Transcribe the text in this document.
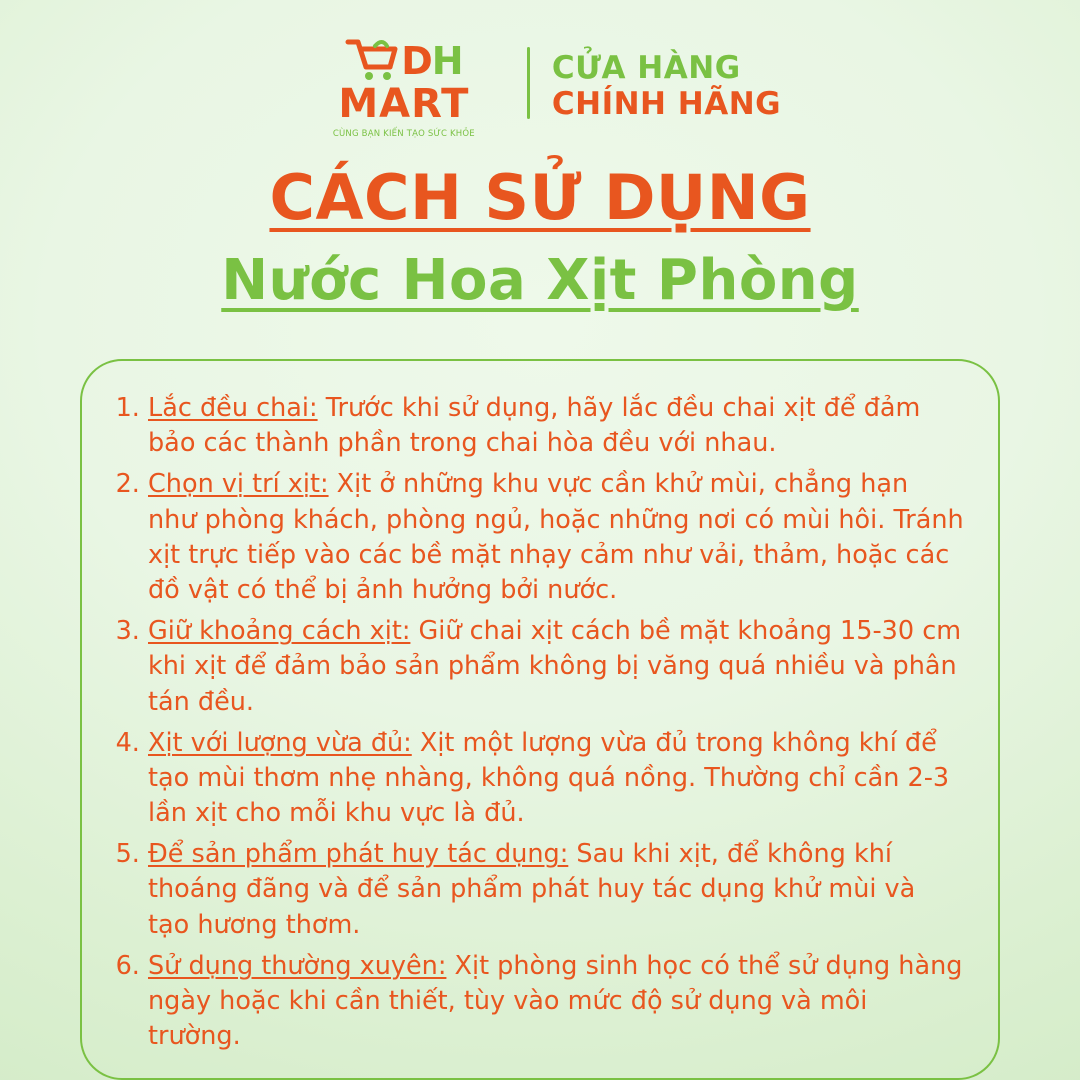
DH
MART
CÙNG BẠN KIẾN TẠO SỨC KHỎE
CỬA HÀNG
CHÍNH HÃNG
CÁCH SỬ DỤNG
Nước Hoa Xịt Phòng
1. Lắc đều chai: Trước khi sử dụng, hãy lắc đều chai xịt để đảm bảo các thành phần trong chai hòa đều với nhau.
2. Chọn vị trí xịt: Xịt ở những khu vực cần khử mùi, chẳng hạn như phòng khách, phòng ngủ, hoặc những nơi có mùi hôi. Tránh xịt trực tiếp vào các bề mặt nhạy cảm như vải, thảm, hoặc các đồ vật có thể bị ảnh hưởng bởi nước.
3. Giữ khoảng cách xịt: Giữ chai xịt cách bề mặt khoảng 15-30 cm khi xịt để đảm bảo sản phẩm không bị văng quá nhiều và phân tán đều.
4. Xịt với lượng vừa đủ: Xịt một lượng vừa đủ trong không khí để tạo mùi thơm nhẹ nhàng, không quá nồng. Thường chỉ cần 2-3 lần xịt cho mỗi khu vực là đủ.
5. Để sản phẩm phát huy tác dụng: Sau khi xịt, để không khí thoáng đãng và để sản phẩm phát huy tác dụng khử mùi và tạo hương thơm.
6. Sử dụng thường xuyên: Xịt phòng sinh học có thể sử dụng hàng ngày hoặc khi cần thiết, tùy vào mức độ sử dụng và môi trường.
